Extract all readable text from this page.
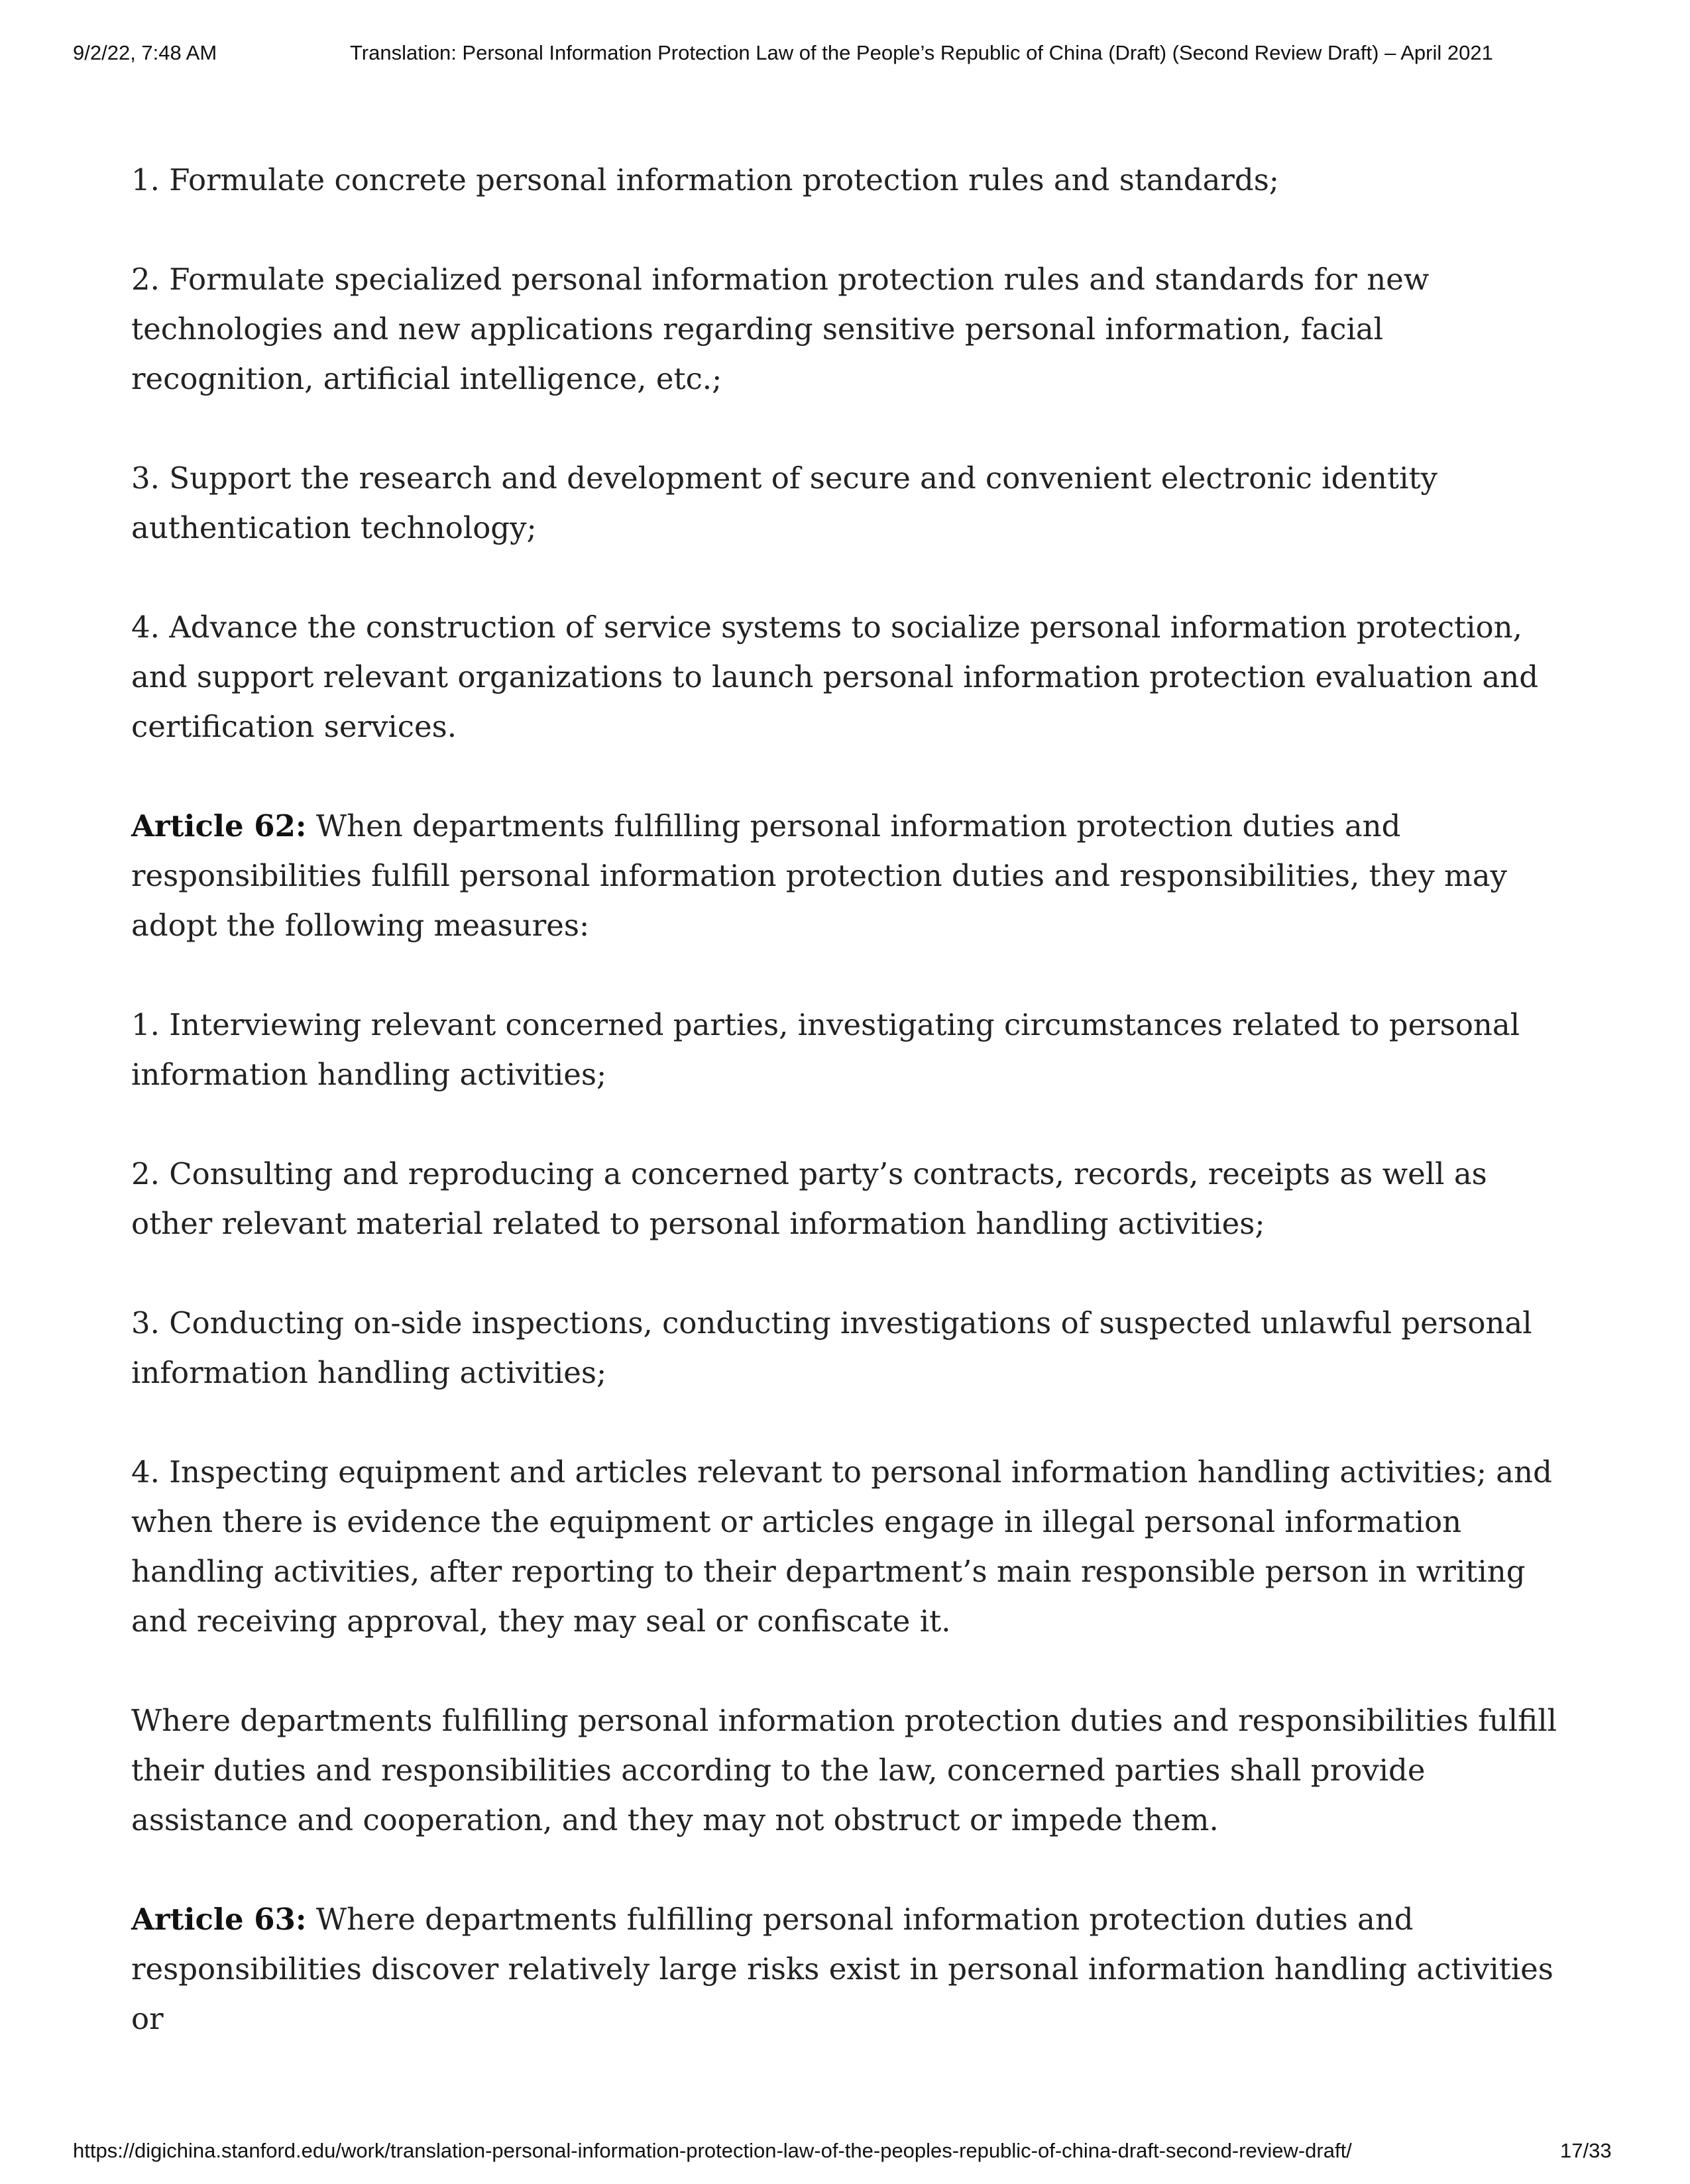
9/2/22, 7:48 AM	Translation: Personal Information Protection Law of the People’s Republic of China (Draft) (Second Review Draft) – April 2021

1. Formulate concrete personal information protection rules and standards;

2. Formulate specialized personal information protection rules and standards for new technologies and new applications regarding sensitive personal information, facial recognition, artificial intelligence, etc.;

3. Support the research and development of secure and convenient electronic identity authentication technology;

4. Advance the construction of service systems to socialize personal information protection, and support relevant organizations to launch personal information protection evaluation and certification services.

Article 62: When departments fulfilling personal information protection duties and responsibilities fulfill personal information protection duties and responsibilities, they may adopt the following measures:

1. Interviewing relevant concerned parties, investigating circumstances related to personal information handling activities;

2. Consulting and reproducing a concerned party’s contracts, records, receipts as well as other relevant material related to personal information handling activities;

3. Conducting on-side inspections, conducting investigations of suspected unlawful personal information handling activities;

4. Inspecting equipment and articles relevant to personal information handling activities; and when there is evidence the equipment or articles engage in illegal personal information handling activities, after reporting to their department’s main responsible person in writing and receiving approval, they may seal or confiscate it.

Where departments fulfilling personal information protection duties and responsibilities fulfill their duties and responsibilities according to the law, concerned parties shall provide assistance and cooperation, and they may not obstruct or impede them.

Article 63: Where departments fulfilling personal information protection duties and responsibilities discover relatively large risks exist in personal information handling activities or

https://digichina.stanford.edu/work/translation-personal-information-protection-law-of-the-peoples-republic-of-china-draft-second-review-draft/	17/33
